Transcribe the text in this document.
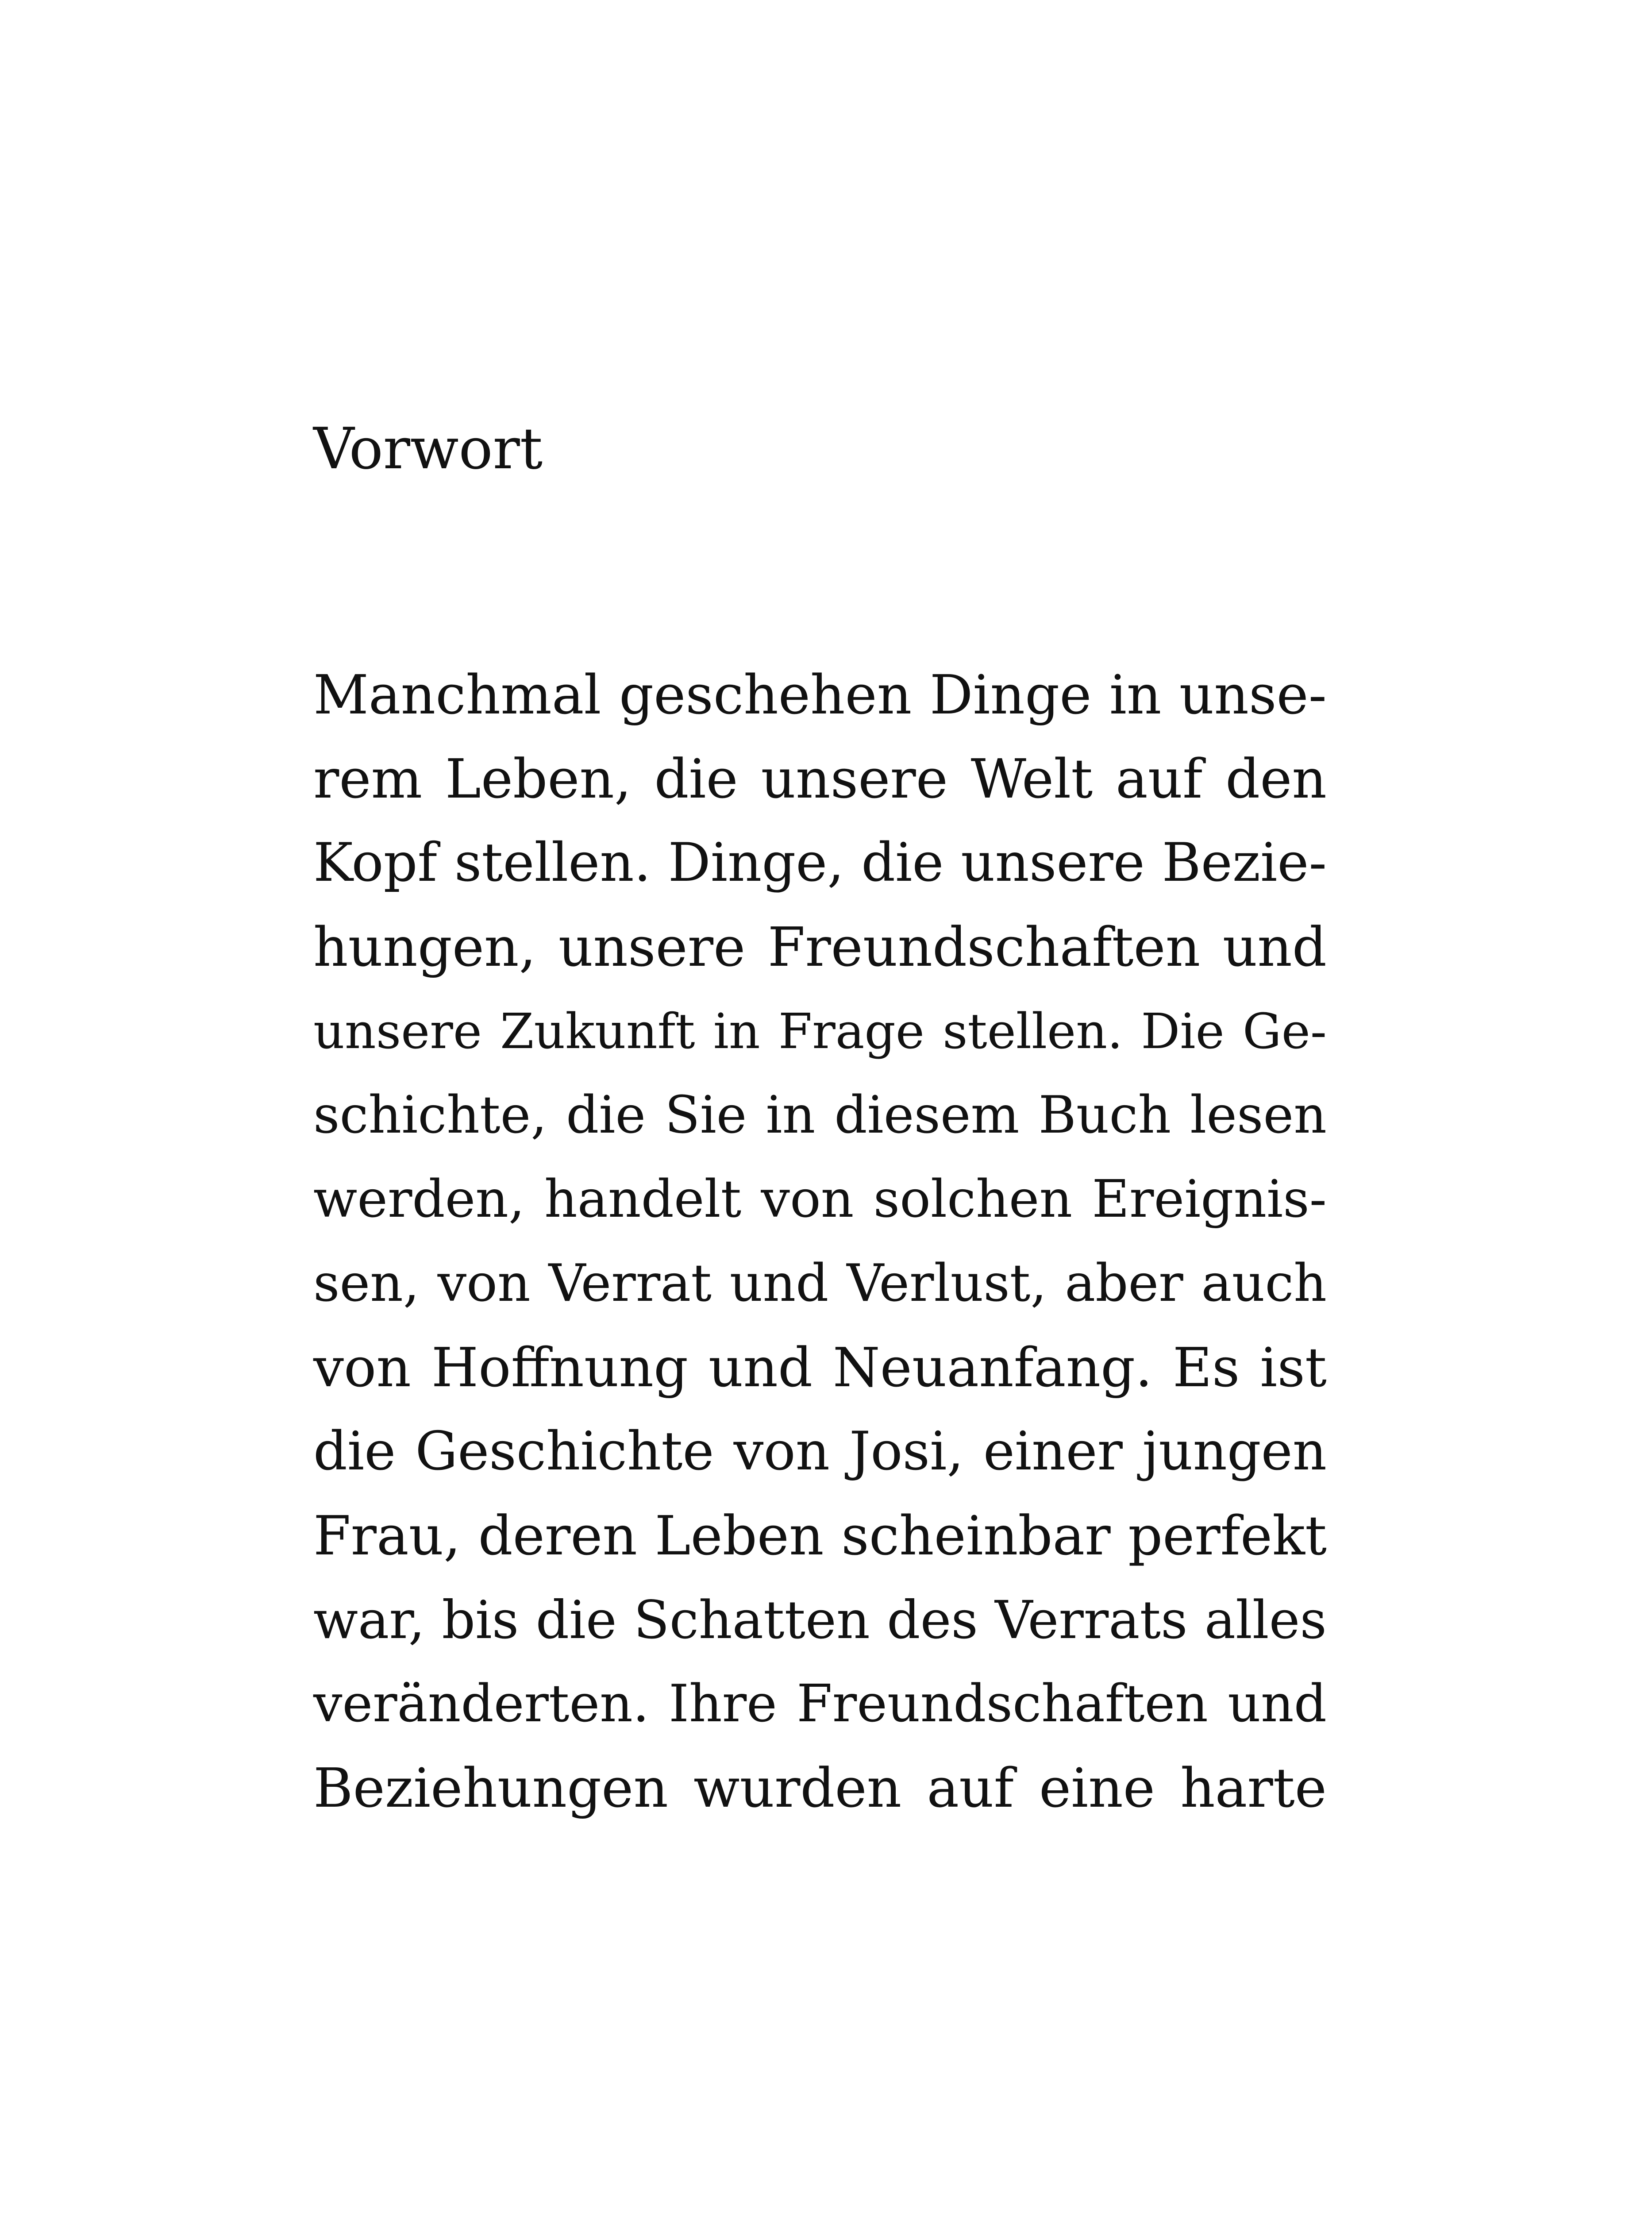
Vorwort
Manchmal geschehen Dinge in unse-
rem Leben, die unsere Welt auf den
Kopf stellen. Dinge, die unsere Bezie-
hungen, unsere Freundschaften und
unsere Zukunft in Frage stellen. Die Ge-
schichte, die Sie in diesem Buch lesen
werden, handelt von solchen Ereignis-
sen, von Verrat und Verlust, aber auch
von Hoffnung und Neuanfang. Es ist
die Geschichte von Josi, einer jungen
Frau, deren Leben scheinbar perfekt
war, bis die Schatten des Verrats alles
veränderten. Ihre Freundschaften und
Beziehungen wurden auf eine harte
